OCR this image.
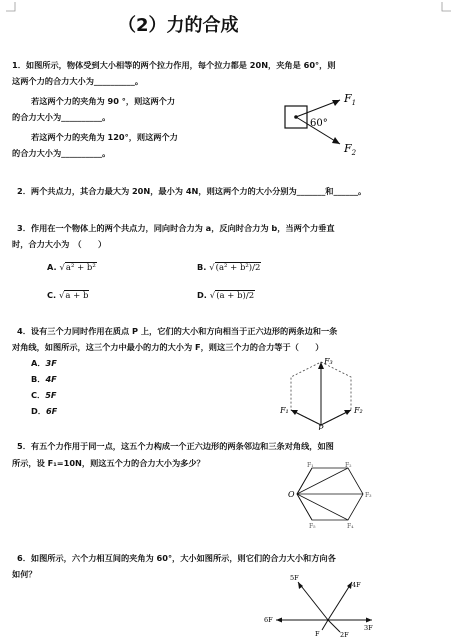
（2）力的合成
1．如图所示，物体受到大小相等的两个拉力作用，每个拉力都是 20N，夹角是 60°，则
这两个力的合力大小为__________。
若这两个力的夹角为 90 °，则这两个力
的合力大小为__________。
若这两个力的夹角为 120°，则这两个力
的合力大小为__________。
$F_1$
$F_2$
60°
2．两个共点力，其合力最大为 20N，最小为 4N，则这两个力的大小分别为_______和______。
3．作用在一个物体上的两个共点力，同向时合力为 a，反向时合力为 b，当两个力垂直
时，合力大小为　（　　）
A. √a² + b²	B. √(a² + b²)/2
C. √a + b	D. √(a + b)/2
4．设有三个力同时作用在质点 P 上，它们的大小和方向相当于正六边形的两条边和一条
对角线，如图所示，这三个力中最小的力的大小为 F，则这三个力的合力等于（　　）
A．3F
B．4F
C．5F
D．6F
F₃
F₁	F₂
P
5．有五个力作用于同一点，这五个力构成一个正六边形的两条邻边和三条对角线，如图
所示，设 F₁=10N，则这五个力的合力大小为多少？
O
F₁	F₂
F₃
F₄
F₅
6．如图所示，六个力相互间的夹角为 60°，大小如图所示，则它们的合力大小和方向各
如何？	5F
4F
6F
3F
F	2F
